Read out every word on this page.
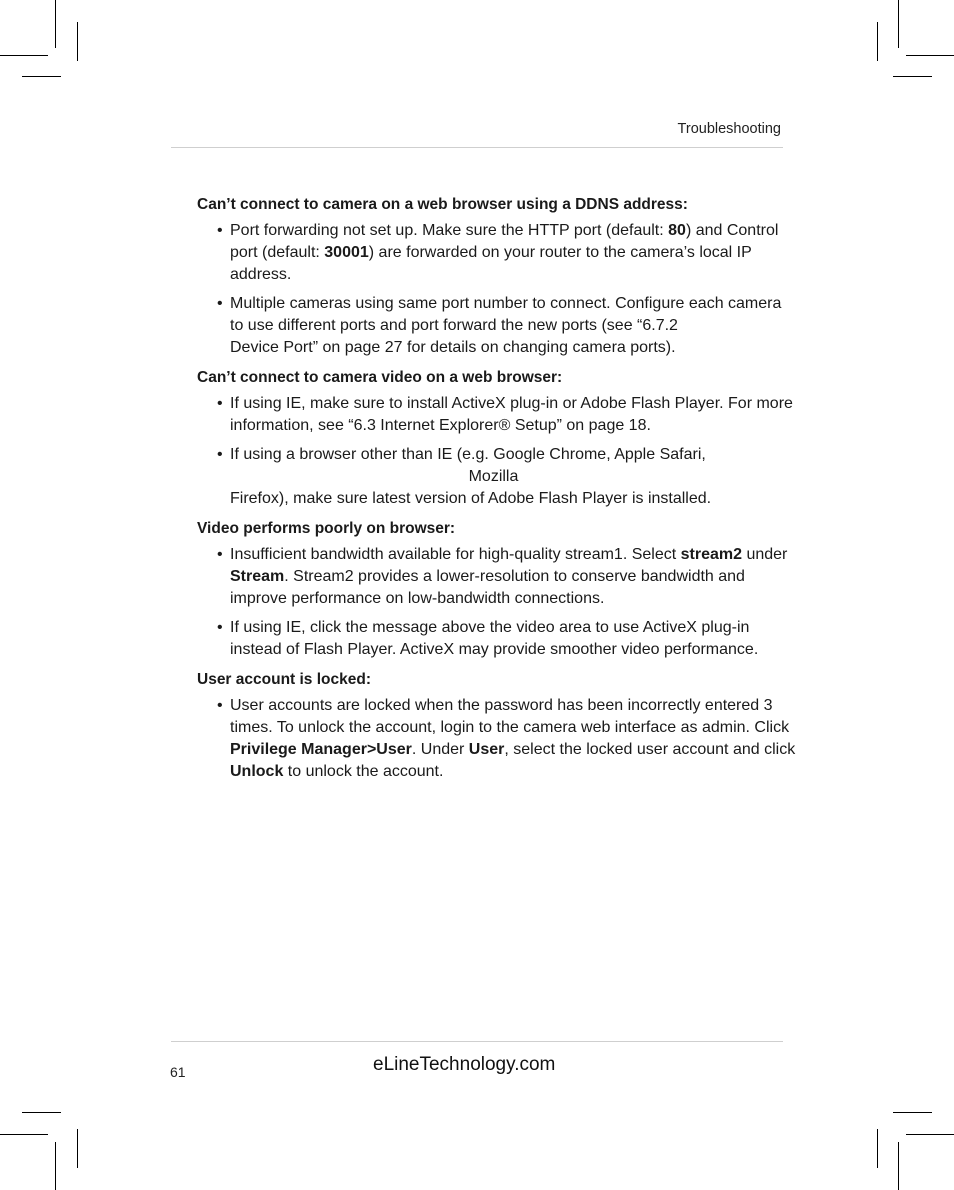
Troubleshooting
Can’t connect to camera on a web browser using a DDNS address:
• Port forwarding not set up. Make sure the HTTP port (default: 80) and Control port (default: 30001) are forwarded on your router to the camera’s local IP address.

• Multiple cameras using same port number to connect. Configure each camera to use different ports and port forward the new ports (see “6.7.2

Device Port” on page 27 for details on changing camera ports).

Can’t connect to camera video on a web browser:
• If using IE, make sure to install ActiveX plug-in or Adobe Flash Player. For more information, see “6.3 Internet Explorer® Setup” on page 18.

• If using a browser other than IE (e.g. Google Chrome, Apple Safari,

Mozilla

Firefox), make sure latest version of Adobe Flash Player is installed.

Video performs poorly on browser:
• Insufficient bandwidth available for high-quality stream1. Select stream2 under Stream. Stream2 provides a lower-resolution to conserve bandwidth and improve performance on low-bandwidth connections.

• If using IE, click the message above the video area to use ActiveX plug-in instead of Flash Player. ActiveX may provide smoother video performance.

User account is locked:
• User accounts are locked when the password has been incorrectly entered 3 times. To unlock the account, login to the camera web interface as admin. Click Privilege Manager>User. Under User, select the locked user account and click Unlock to unlock the account.

61	eLineTechnology.com
